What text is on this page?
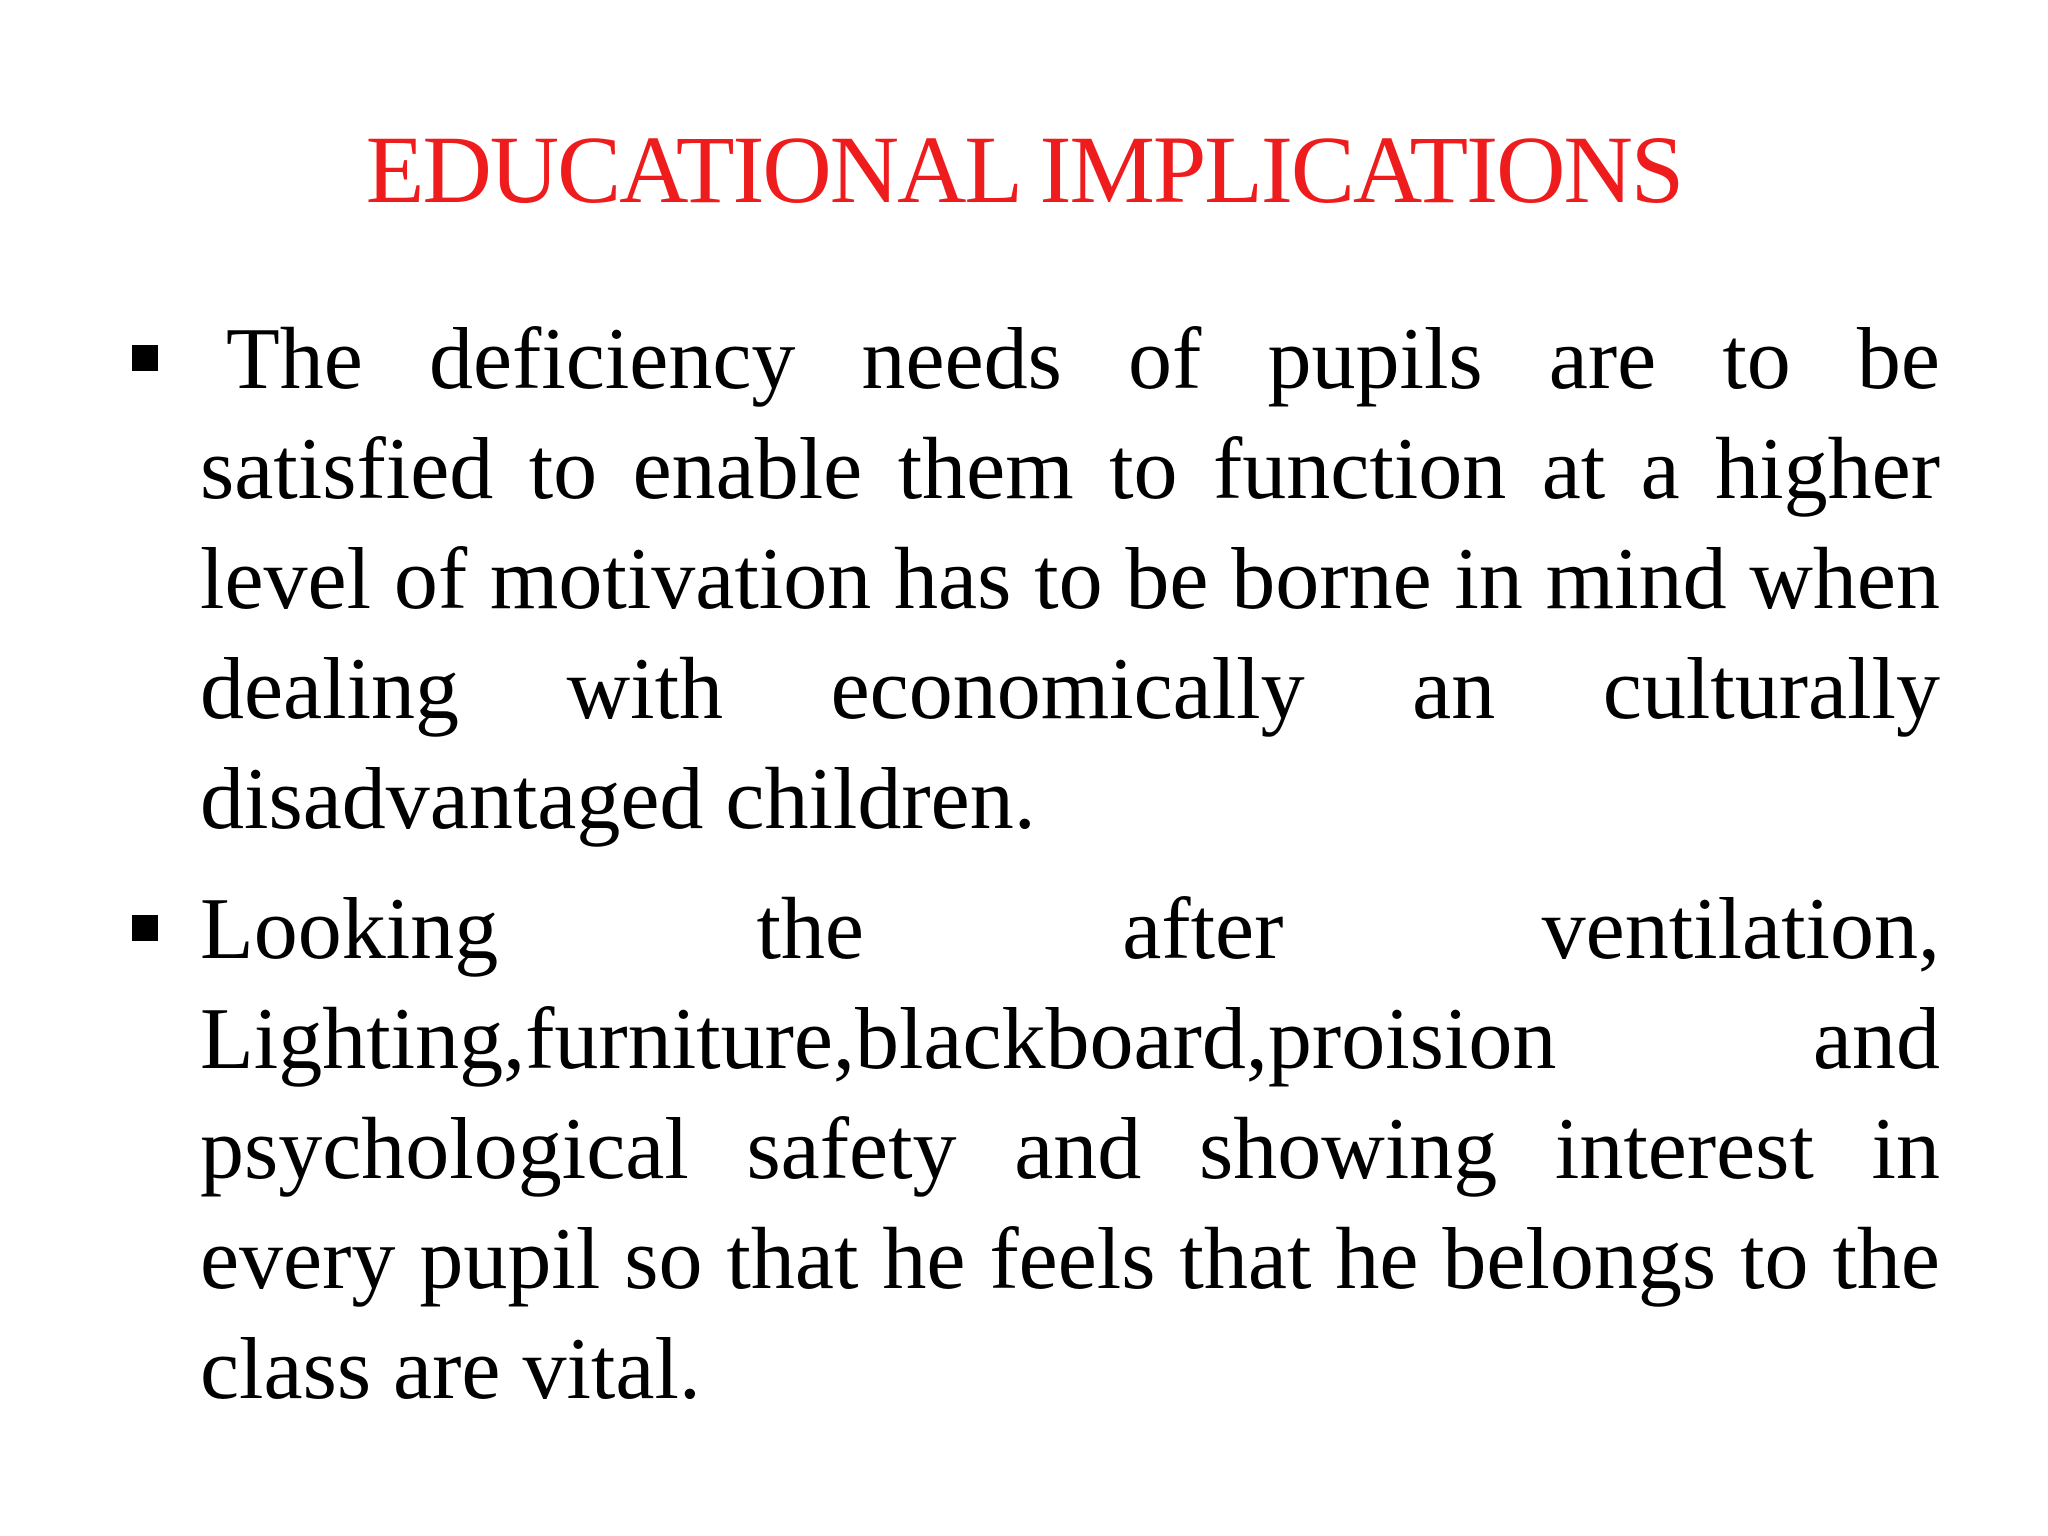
EDUCATIONAL IMPLICATIONS
The deficiency needs of pupils are to be satisfied to enable them to function at a higher level of motivation has to be borne in mind when dealing with economically an culturally disadvantaged children.
Looking the after ventilation, Lighting,furniture,blackboard,proision and psychological safety and showing interest in every pupil so that he feels that he belongs to the class are vital.
